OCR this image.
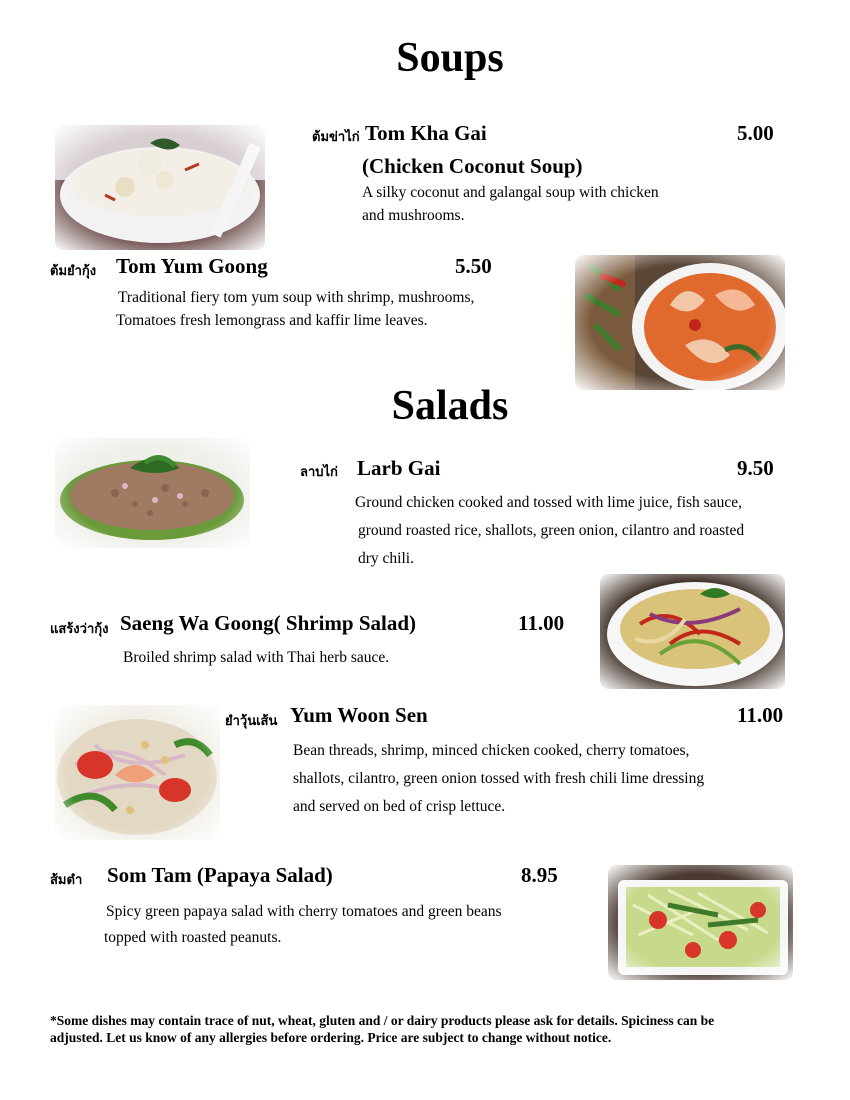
Soups
ต้มข่าไก่ Tom Kha Gai
(Chicken Coconut Soup)
5.00
A silky coconut and galangal soup with chicken
and mushrooms.
ต้มยำกุ้ง Tom Yum Goong	5.50
Traditional fiery tom yum soup with shrimp, mushrooms,
Tomatoes fresh lemongrass and kaffir lime leaves.
Salads
ลาบไก่ Larb Gai	9.50
Ground chicken cooked and tossed with lime juice, fish sauce,
ground roasted rice, shallots, green onion, cilantro and roasted
dry chili.
แสร้งว่ากุ้ง Saeng Wa Goong( Shrimp Salad)	11.00
Broiled shrimp salad with Thai herb sauce.
ยำวุ้นเส้น Yum Woon Sen	11.00
Bean threads, shrimp, minced chicken cooked, cherry tomatoes,
shallots, cilantro, green onion tossed with fresh chili lime dressing
and served on bed of crisp lettuce.
ส้มตำ Som Tam (Papaya Salad)	8.95
Spicy green papaya salad with cherry tomatoes and green beans
topped with roasted peanuts.
*Some dishes may contain trace of nut, wheat, gluten and / or dairy products please ask for details. Spiciness can be
adjusted. Let us know of any allergies before ordering. Price are subject to change without notice.
